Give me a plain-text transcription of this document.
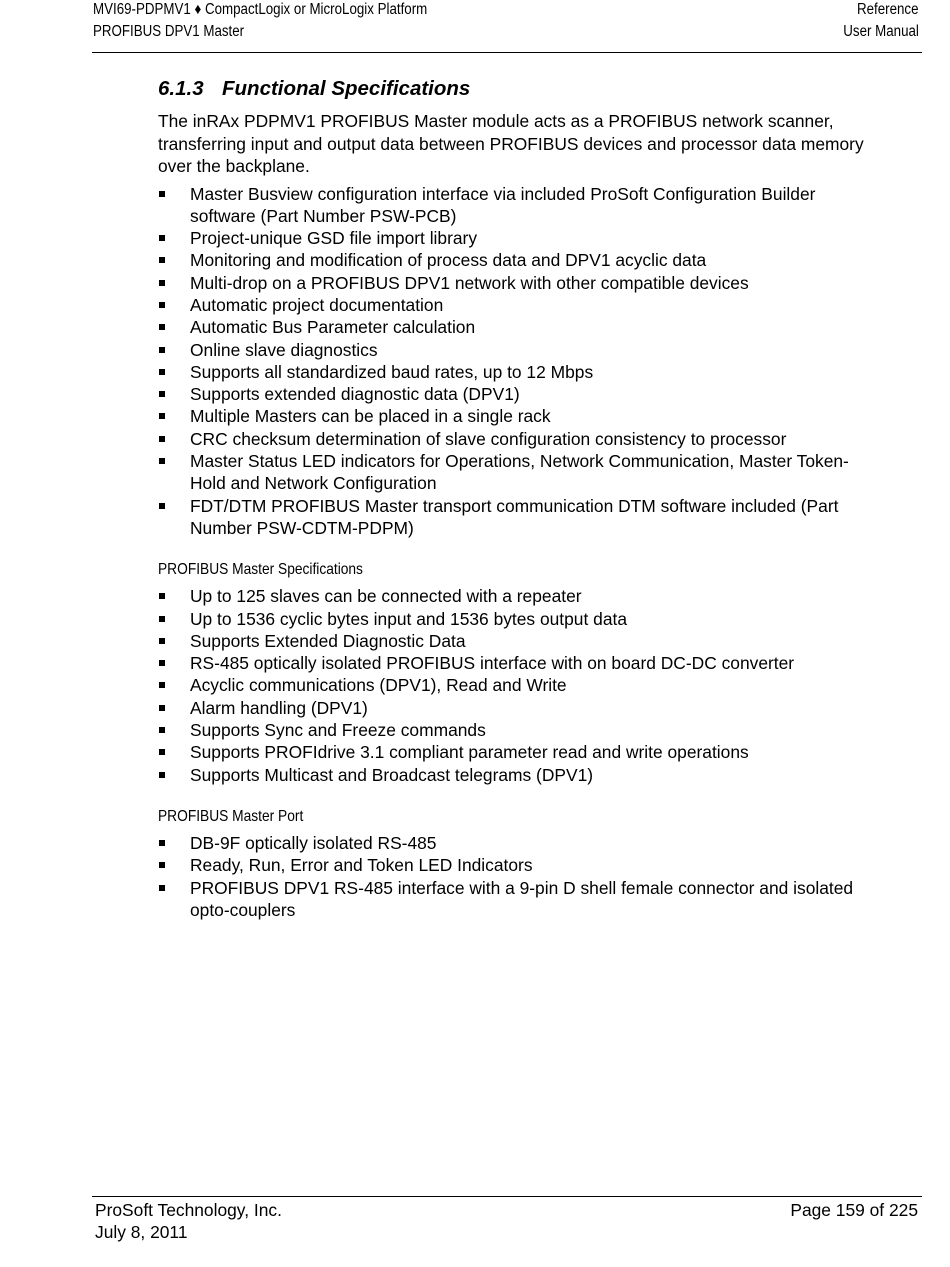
MVI69-PDPMV1 ♦ CompactLogix or MicroLogix Platform
PROFIBUS DPV1 Master
Reference
User Manual
6.1.3 Functional Specifications

The inRAx PDPMV1 PROFIBUS Master module acts as a PROFIBUS network scanner, transferring input and output data between PROFIBUS devices and processor data memory over the backplane.

Master Busview configuration interface via included ProSoft Configuration Builder software (Part Number PSW-PCB)
Project-unique GSD file import library
Monitoring and modification of process data and DPV1 acyclic data
Multi-drop on a PROFIBUS DPV1 network with other compatible devices
Automatic project documentation
Automatic Bus Parameter calculation
Online slave diagnostics
Supports all standardized baud rates, up to 12 Mbps
Supports extended diagnostic data (DPV1)
Multiple Masters can be placed in a single rack
CRC checksum determination of slave configuration consistency to processor
Master Status LED indicators for Operations, Network Communication, Master Token-Hold and Network Configuration
FDT/DTM PROFIBUS Master transport communication DTM software included (Part Number PSW-CDTM-PDPM)
PROFIBUS Master Specifications
Up to 125 slaves can be connected with a repeater
Up to 1536 cyclic bytes input and 1536 bytes output data
Supports Extended Diagnostic Data
RS-485 optically isolated PROFIBUS interface with on board DC-DC converter
Acyclic communications (DPV1), Read and Write
Alarm handling (DPV1)
Supports Sync and Freeze commands
Supports PROFIdrive 3.1 compliant parameter read and write operations
Supports Multicast and Broadcast telegrams (DPV1)
PROFIBUS Master Port
DB-9F optically isolated RS-485
Ready, Run, Error and Token LED Indicators
PROFIBUS DPV1 RS-485 interface with a 9-pin D shell female connector and isolated opto-couplers
ProSoft Technology, Inc.
July 8, 2011
Page 159 of 225
